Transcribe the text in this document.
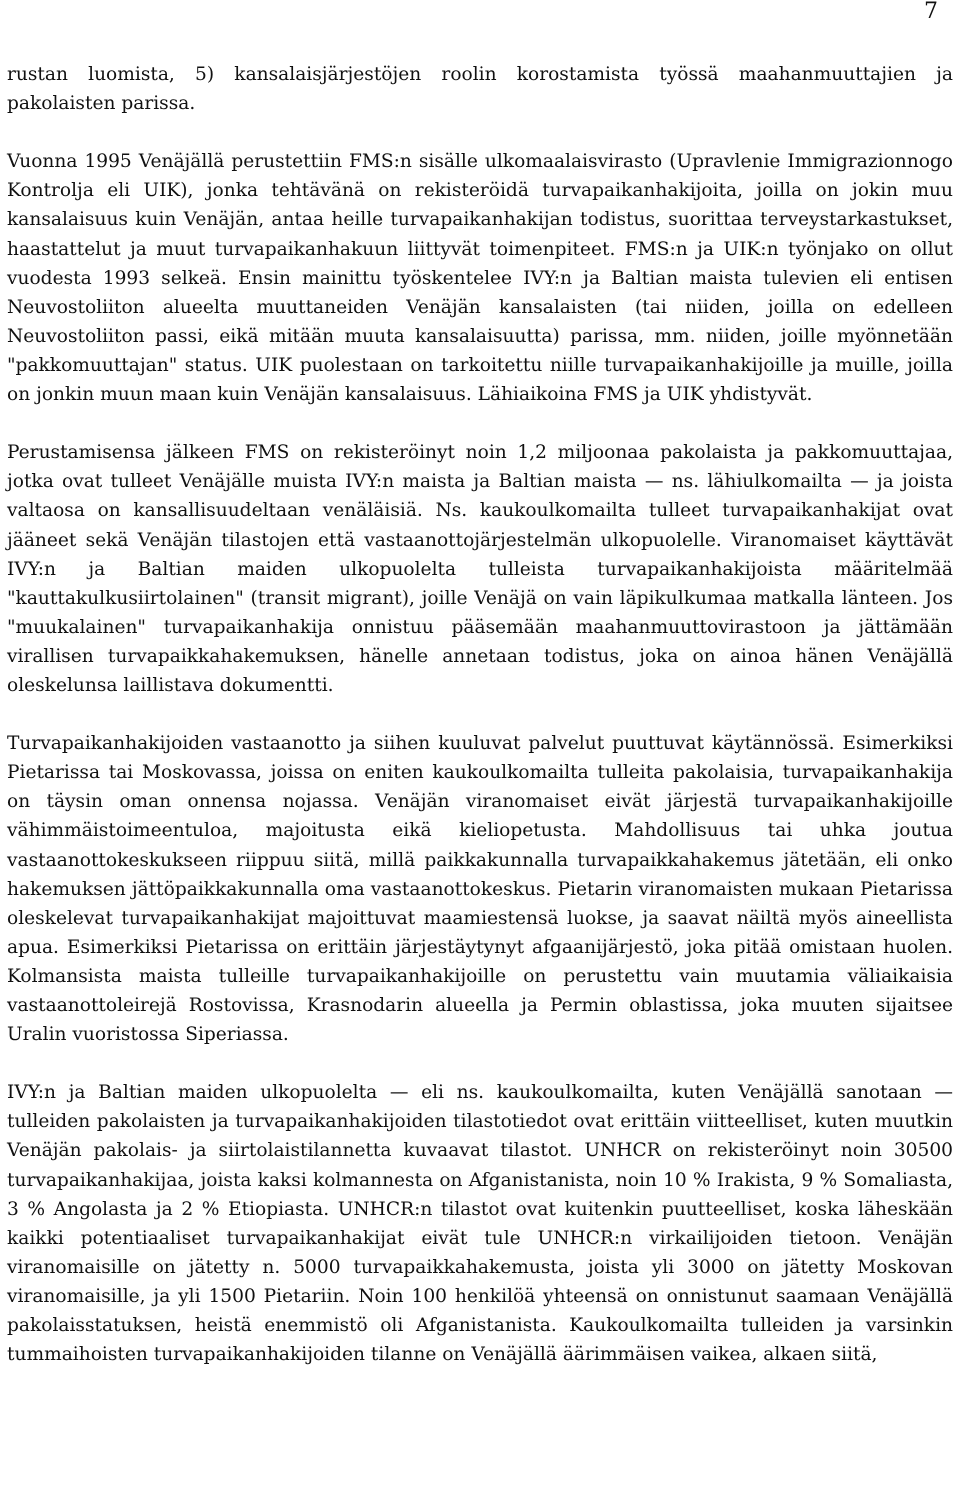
7

rustan luomista, 5) kansalaisjärjestöjen roolin korostamista työssä maahanmuuttajien ja pakolaisten parissa.

Vuonna 1995 Venäjällä perustettiin FMS:n sisälle ulkomaalaisvirasto (Upravlenie Immigrazionnogo Kontrolja eli UIK), jonka tehtävänä on rekisteröidä turvapaikanhakijoita, joilla on jokin muu kansalaisuus kuin Venäjän, antaa heille turvapaikanhakijan todistus, suorittaa terveystarkastukset, haastattelut ja muut turvapaikanhakuun liittyvät toimenpiteet. FMS:n ja UIK:n työnjako on ollut vuodesta 1993 selkeä. Ensin mainittu työskentelee IVY:n ja Baltian maista tulevien eli entisen Neuvostoliiton alueelta muuttaneiden Venäjän kansalaisten (tai niiden, joilla on edelleen Neuvostoliiton passi, eikä mitään muuta kansalaisuutta) parissa, mm. niiden, joille myönnetään "pakkomuuttajan" status. UIK puolestaan on tarkoitettu niille turvapaikanhakijoille ja muille, joilla on jonkin muun maan kuin Venäjän kansalaisuus. Lähiaikoina FMS ja UIK yhdistyvät.

Perustamisensa jälkeen FMS on rekisteröinyt noin 1,2 miljoonaa pakolaista ja pakkomuuttajaa, jotka ovat tulleet Venäjälle muista IVY:n maista ja Baltian maista — ns. lähiulkomailta — ja joista valtaosa on kansallisuudeltaan venäläisiä. Ns. kaukoulkomailta tulleet turvapaikanhakijat ovat jääneet sekä Venäjän tilastojen että vastaanottojärjestelmän ulkopuolelle. Viranomaiset käyttävät IVY:n ja Baltian maiden ulkopuolelta tulleista turvapaikanhakijoista määritelmää "kauttakulkusiirtolainen" (transit migrant), joille Venäjä on vain läpikulkumaa matkalla länteen. Jos "muukalainen" turvapaikanhakija onnistuu pääsemään maahanmuuttovirastoon ja jättämään virallisen turvapaikkahakemuksen, hänelle annetaan todistus, joka on ainoa hänen Venäjällä oleskelunsa laillistava dokumentti.

Turvapaikanhakijoiden vastaanotto ja siihen kuuluvat palvelut puuttuvat käytännössä. Esimerkiksi Pietarissa tai Moskovassa, joissa on eniten kaukoulkomailta tulleita pakolaisia, turvapaikanhakija on täysin oman onnensa nojassa. Venäjän viranomaiset eivät järjestä turvapaikanhakijoille vähimmäistoimeentuloa, majoitusta eikä kieliopetusta. Mahdollisuus tai uhka joutua vastaanottokeskukseen riippuu siitä, millä paikkakunnalla turvapaikkahakemus jätetään, eli onko hakemuksen jättöpaikkakunnalla oma vastaanottokeskus. Pietarin viranomaisten mukaan Pietarissa oleskelevat turvapaikanhakijat majoittuvat maamiestensä luokse, ja saavat näiltä myös aineellista apua. Esimerkiksi Pietarissa on erittäin järjestäytynyt afgaanijärjestö, joka pitää omistaan huolen. Kolmansista maista tulleille turvapaikanhakijoille on perustettu vain muutamia väliaikaisia vastaanottoleirejä Rostovissa, Krasnodarin alueella ja Permin oblastissa, joka muuten sijaitsee Uralin vuoristossa Siperiassa.

IVY:n ja Baltian maiden ulkopuolelta — eli ns. kaukoulkomailta, kuten Venäjällä sanotaan — tulleiden pakolaisten ja turvapaikanhakijoiden tilastotiedot ovat erittäin viitteelliset, kuten muutkin Venäjän pakolais- ja siirtolaistilannetta kuvaavat tilastot. UNHCR on rekisteröinyt noin 30500 turvapaikanhakijaa, joista kaksi kolmannesta on Afganistanista, noin 10 % Irakista, 9 % Somaliasta, 3 % Angolasta ja 2 % Etiopiasta. UNHCR:n tilastot ovat kuitenkin puutteelliset, koska läheskään kaikki potentiaaliset turvapaikanhakijat eivät tule UNHCR:n virkailijoiden tietoon. Venäjän viranomaisille on jätetty n. 5000 turvapaikkahakemusta, joista yli 3000 on jätetty Moskovan viranomaisille, ja yli 1500 Pietariin. Noin 100 henkilöä yhteensä on onnistunut saamaan Venäjällä pakolaisstatuksen, heistä enemmistö oli Afganistanista. Kaukoulkomailta tulleiden ja varsinkin tummaihoisten turvapaikanhakijoiden tilanne on Venäjällä äärimmäisen vaikea, alkaen siitä,
